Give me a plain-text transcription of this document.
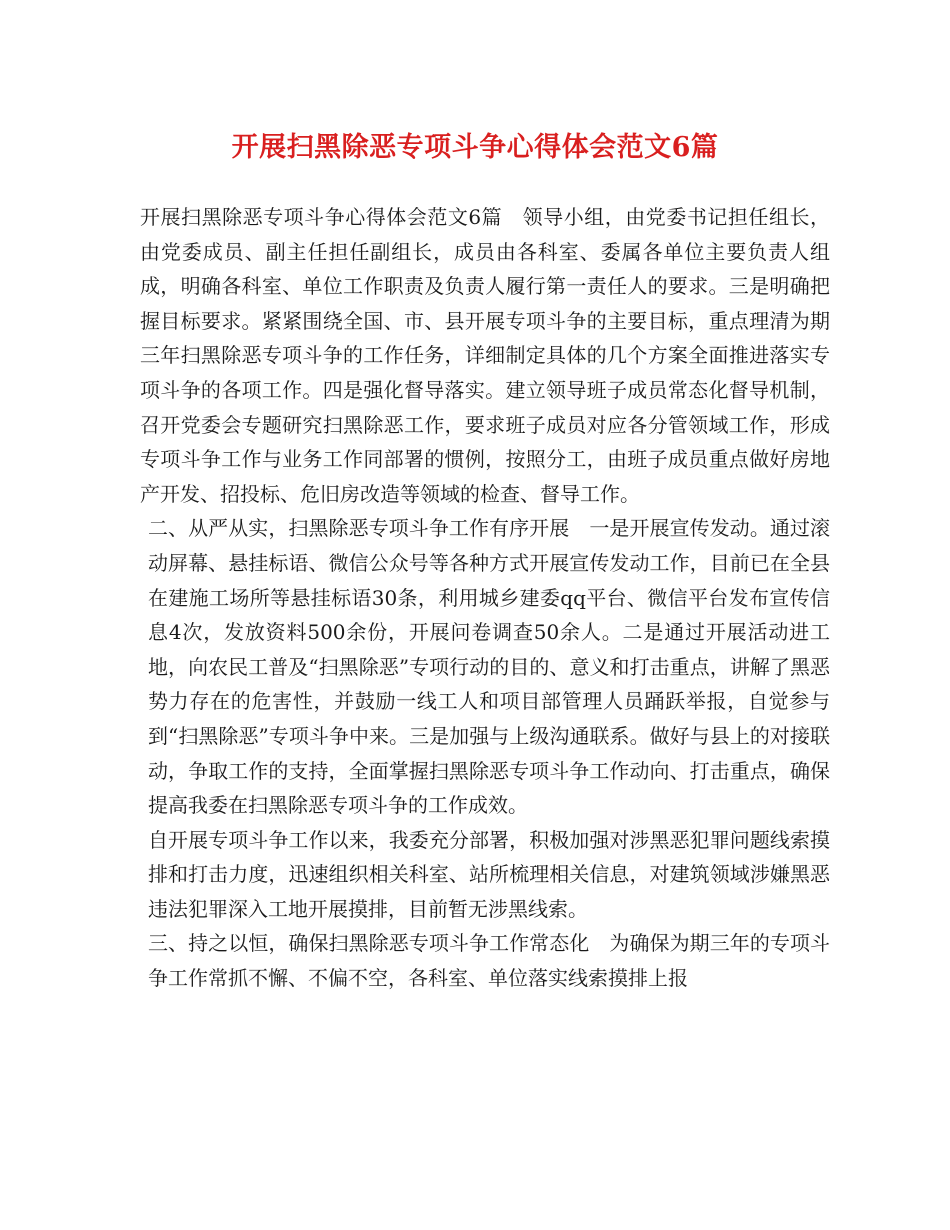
开展扫黑除恶专项斗争心得体会范文6篇

开展扫黑除恶专项斗争心得体会范文6篇　领导小组，由党委书记担任组长，由党委成员、副主任担任副组长，成员由各科室、委属各单位主要负责人组成，明确各科室、单位工作职责及负责人履行第一责任人的要求。三是明确把握目标要求。紧紧围绕全国、市、县开展专项斗争的主要目标，重点理清为期三年扫黑除恶专项斗争的工作任务，详细制定具体的几个方案全面推进落实专项斗争的各项工作。四是强化督导落实。建立领导班子成员常态化督导机制，召开党委会专题研究扫黑除恶工作，要求班子成员对应各分管领域工作，形成专项斗争工作与业务工作同部署的惯例，按照分工，由班子成员重点做好房地产开发、招投标、危旧房改造等领域的检查、督导工作。

二、从严从实，扫黑除恶专项斗争工作有序开展　一是开展宣传发动。通过滚动屏幕、悬挂标语、微信公众号等各种方式开展宣传发动工作，目前已在全县在建施工场所等悬挂标语30条，利用城乡建委qq平台、微信平台发布宣传信息4次，发放资料500余份，开展问卷调查50余人。二是通过开展活动进工地，向农民工普及“扫黑除恶”专项行动的目的、意义和打击重点，讲解了黑恶势力存在的危害性，并鼓励一线工人和项目部管理人员踊跃举报，自觉参与到“扫黑除恶”专项斗争中来。三是加强与上级沟通联系。做好与县上的对接联动，争取工作的支持，全面掌握扫黑除恶专项斗争工作动向、打击重点，确保提高我委在扫黑除恶专项斗争的工作成效。

自开展专项斗争工作以来，我委充分部署，积极加强对涉黑恶犯罪问题线索摸排和打击力度，迅速组织相关科室、站所梳理相关信息，对建筑领域涉嫌黑恶违法犯罪深入工地开展摸排，目前暂无涉黑线索。

三、持之以恒，确保扫黑除恶专项斗争工作常态化　为确保为期三年的专项斗争工作常抓不懈、不偏不空，各科室、单位落实线索摸排上报
